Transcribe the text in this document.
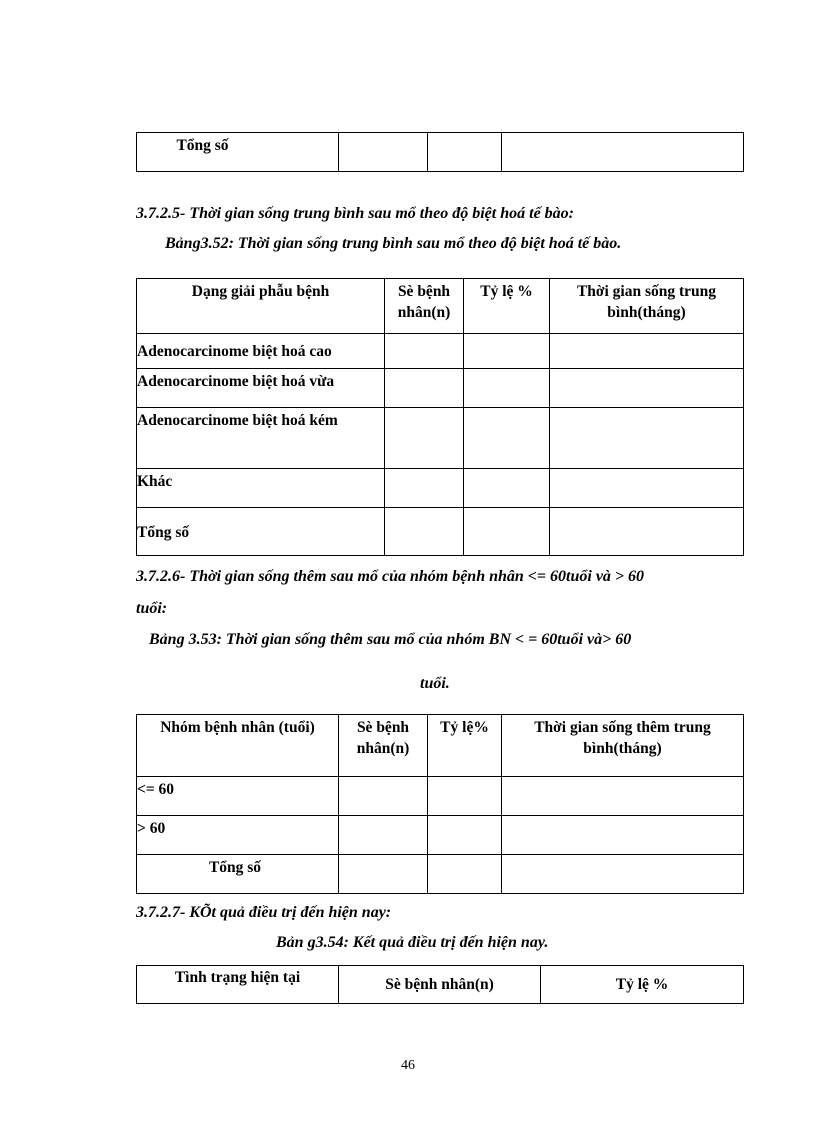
Tổng số			
3.7.2.5- Thời gian sống trung bình sau mổ theo độ biệt hoá tế bào:
Bảng3.52: Thời gian sống trung bình sau mổ theo độ biệt hoá tế bào.
Dạng giải phẫu bệnh	Sè bệnh nhân(n)	Tỷ lệ %	Thời gian sống trung bình(tháng)
Adenocarcinome biệt hoá cao			
Adenocarcinome biệt hoá vừa			
Adenocarcinome biệt hoá kém			
Khác			
Tổng số			
3.7.2.6- Thời gian sống thêm sau mổ của nhóm bệnh nhân <= 60tuổi và > 60
tuổi:
Bảng 3.53: Thời gian sống thêm sau mổ của nhóm BN < = 60tuổi và> 60
tuổi.
Nhóm bệnh nhân (tuổi)	Sè bệnh nhân(n)	Tỷ lệ%	Thời gian sống thêm trung bình(tháng)
<= 60			
> 60			
Tổng số			
3.7.2.7- KÕt quả điều trị đến hiện nay:
Bản g3.54: Kết quả điều trị đến hiện nay.
Tình trạng hiện tại	Sè bệnh nhân(n)	Tỷ lệ %
46
